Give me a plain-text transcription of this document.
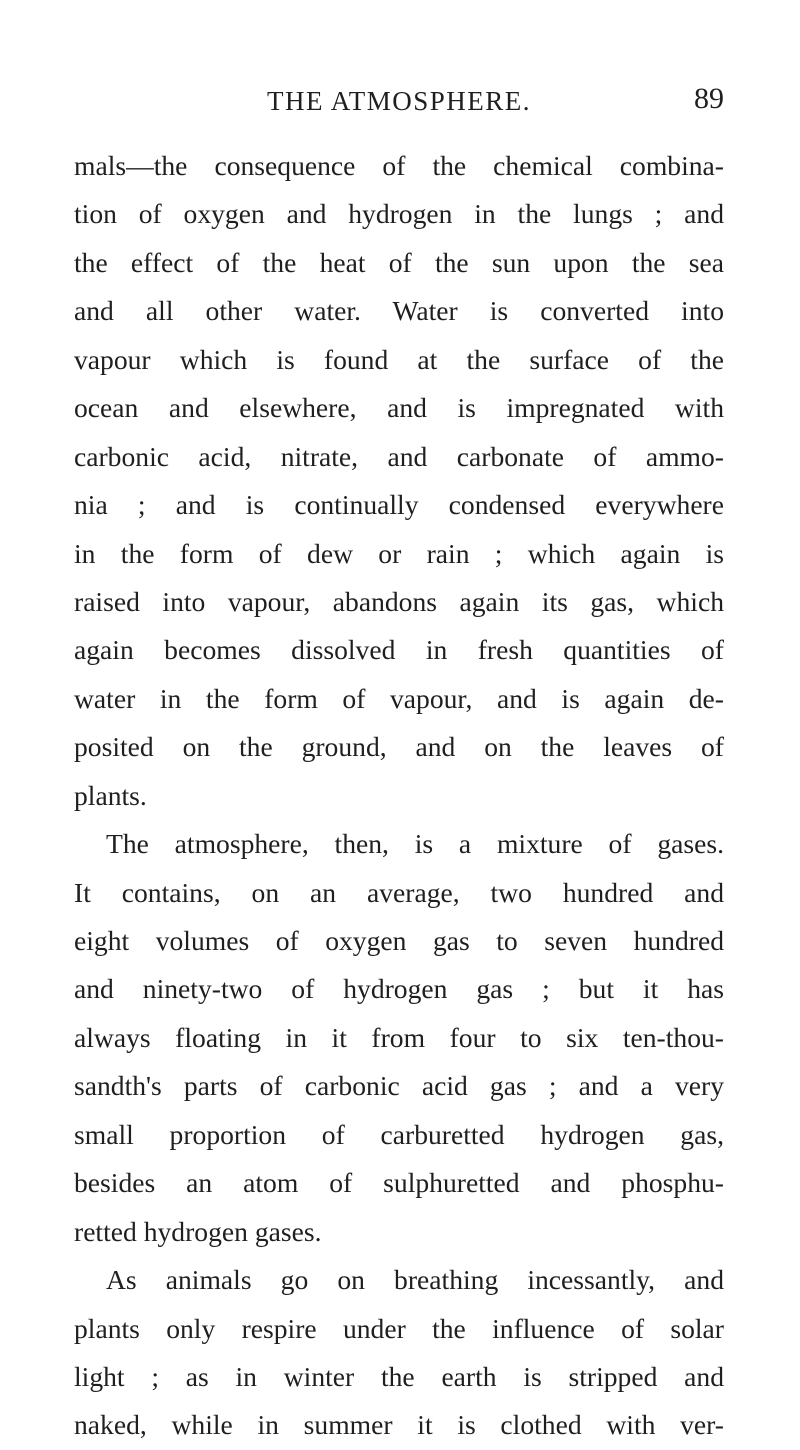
THE ATMOSPHERE.	89
mals—the consequence of the chemical combina-
tion of oxygen and hydrogen in the lungs ; and
the effect of the heat of the sun upon the sea
and all other water. Water is converted into
vapour which is found at the surface of the
ocean and elsewhere, and is impregnated with
carbonic acid, nitrate, and carbonate of ammo-
nia ; and is continually condensed everywhere
in the form of dew or rain ; which again is
raised into vapour, abandons again its gas, which
again becomes dissolved in fresh quantities of
water in the form of vapour, and is again de-
posited on the ground, and on the leaves of
plants.
The atmosphere, then, is a mixture of gases.
It contains, on an average, two hundred and
eight volumes of oxygen gas to seven hundred
and ninety-two of hydrogen gas ; but it has
always floating in it from four to six ten-thou-
sandth's parts of carbonic acid gas ; and a very
small proportion of carburetted hydrogen gas,
besides an atom of sulphuretted and phosphu-
retted hydrogen gases.
As animals go on breathing incessantly, and
plants only respire under the influence of solar
light ; as in winter the earth is stripped and
naked, while in summer it is clothed with ver-
